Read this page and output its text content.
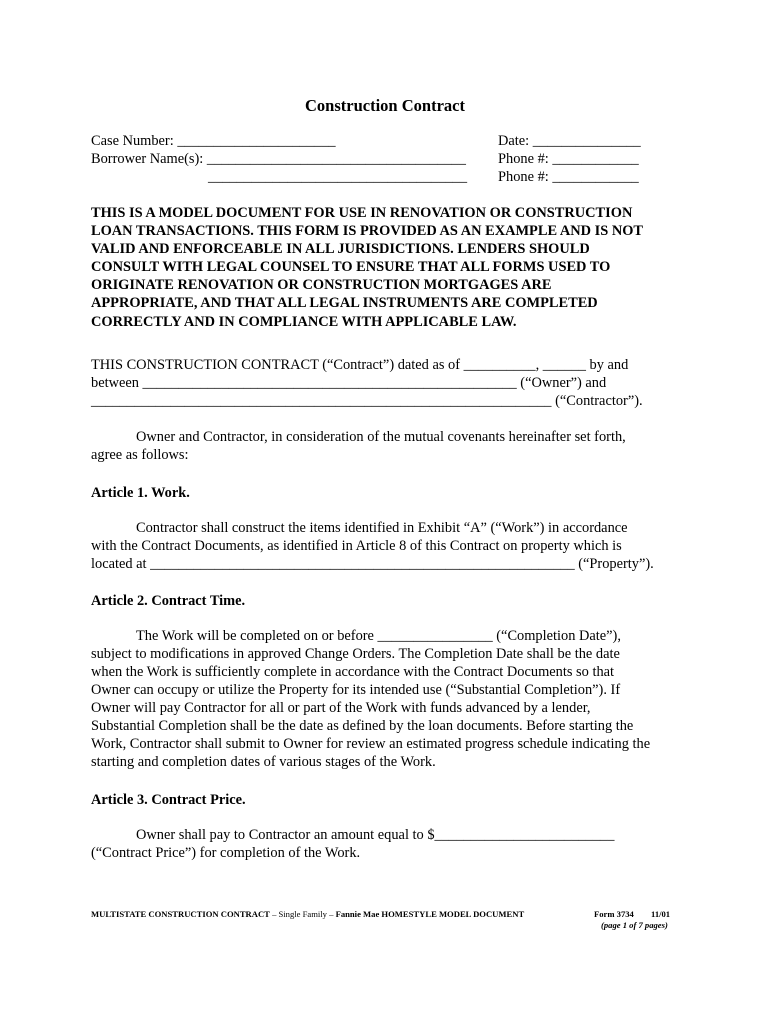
Construction Contract
Case Number: ______________________
Borrower Name(s): ____________________________________
____________________________________
Date: _______________
Phone #: ____________
Phone #: ____________

THIS IS A MODEL DOCUMENT FOR USE IN RENOVATION OR CONSTRUCTION

LOAN TRANSACTIONS. THIS FORM IS PROVIDED AS AN EXAMPLE AND IS NOT

VALID AND ENFORCEABLE IN ALL JURISDICTIONS. LENDERS SHOULD

CONSULT WITH LEGAL COUNSEL TO ENSURE THAT ALL FORMS USED TO

ORIGINATE RENOVATION OR CONSTRUCTION MORTGAGES ARE

APPROPRIATE, AND THAT ALL LEGAL INSTRUMENTS ARE COMPLETED

CORRECTLY AND IN COMPLIANCE WITH APPLICABLE LAW.

THIS CONSTRUCTION CONTRACT (“Contract”) dated as of __________, ______ by and

between ____________________________________________________ (“Owner”) and

________________________________________________________________ (“Contractor”).

Owner and Contractor, in consideration of the mutual covenants hereinafter set forth,

agree as follows:

Article 1. Work.

Contractor shall construct the items identified in Exhibit “A” (“Work”) in accordance

with the Contract Documents, as identified in Article 8 of this Contract on property which is

located at ___________________________________________________________ (“Property”).

Article 2. Contract Time.

The Work will be completed on or before ________________ (“Completion Date”),

subject to modifications in approved Change Orders. The Completion Date shall be the date

when the Work is sufficiently complete in accordance with the Contract Documents so that

Owner can occupy or utilize the Property for its intended use (“Substantial Completion”). If

Owner will pay Contractor for all or part of the Work with funds advanced by a lender,

Substantial Completion shall be the date as defined by the loan documents. Before starting the

Work, Contractor shall submit to Owner for review an estimated progress schedule indicating the

starting and completion dates of various stages of the Work.

Article 3. Contract Price.

Owner shall pay to Contractor an amount equal to $_________________________

(“Contract Price”) for completion of the Work.

MULTISTATE CONSTRUCTION CONTRACT – Single Family – Fannie Mae HOMESTYLE MODEL DOCUMENT	Form 3734 11/01
(page 1 of 7 pages)
